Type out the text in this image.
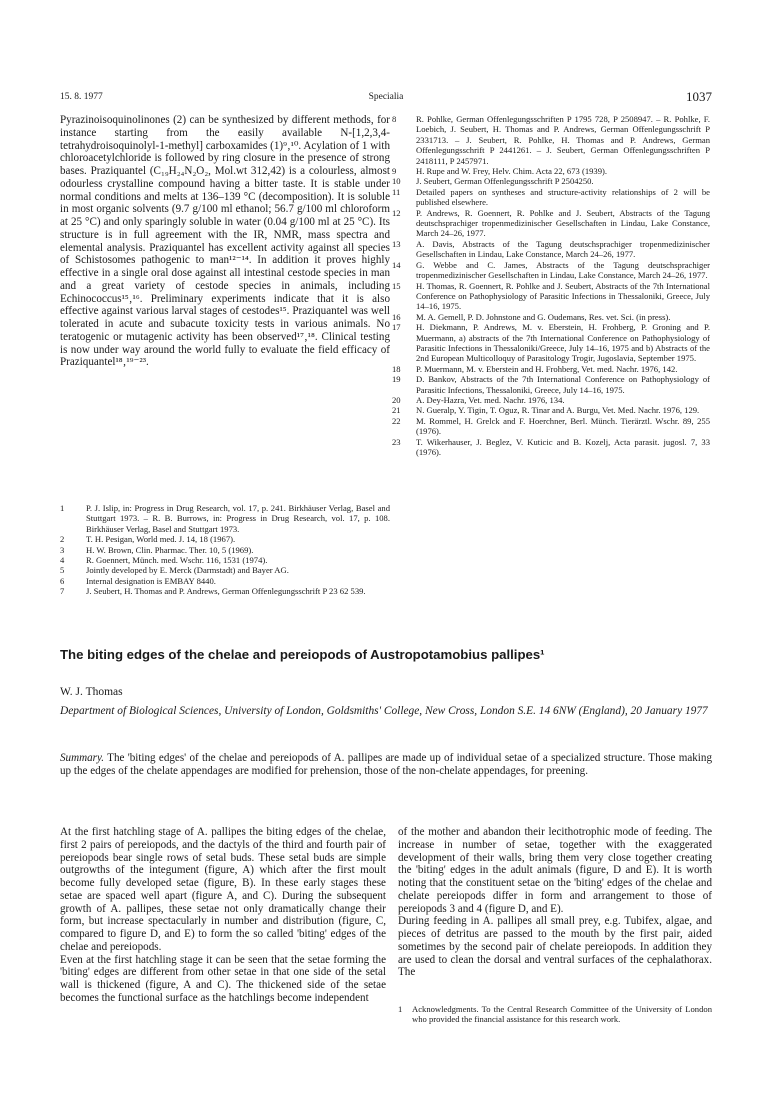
15. 8. 1977	Specialia	1037

Pyrazinoisoquinolinones (2) can be synthesized by different methods, for instance starting from the easily available N-[1,2,3,4-tetrahydroisoquinolyl-1-methyl] carboxamides (1)⁹‚¹⁰. Acylation of 1 with chloroacetylchloride is followed by ring closure in the presence of strong bases. Praziquantel (C₁₉H₂₄N₂O₂, Mol.wt 312,42) is a colourless, almost odourless crystalline compound having a bitter taste. It is stable under normal conditions and melts at 136–139 °C (decomposition). It is soluble in most organic solvents (9.7 g/100 ml ethanol; 56.7 g/100 ml chloroform at 25 °C) and only sparingly soluble in water (0.04 g/100 ml at 25 °C). Its structure is in full agreement with the IR, NMR, mass spectra and elemental analysis. Praziquantel has excellent activity against all species of Schistosomes pathogenic to man¹²⁻¹⁴. In addition it proves highly effective in a single oral dose against all intestinal cestode species in man and a great variety of cestode species in animals, including Echinococcus¹⁵‚¹⁶. Preliminary experiments indicate that it is also effective against various larval stages of cestodes¹⁵. Praziquantel was well tolerated in acute and subacute toxicity tests in various animals. No teratogenic or mutagenic activity has been observed¹⁷‚¹⁸. Clinical testing is now under way around the world fully to evaluate the field efficacy of Praziquantel¹⁸‚¹⁹⁻²³.

1	P. J. Islip, in: Progress in Drug Research, vol. 17, p. 241. Birkhäuser Verlag, Basel and Stuttgart 1973. – R. B. Burrows, in: Progress in Drug Research, vol. 17, p. 108. Birkhäuser Verlag, Basel and Stuttgart 1973.
2	T. H. Pesigan, World med. J. 14, 18 (1967).
3	H. W. Brown, Clin. Pharmac. Ther. 10, 5 (1969).
4	R. Goennert, Münch. med. Wschr. 116, 1531 (1974).
5	Jointly developed by E. Merck (Darmstadt) and Bayer AG.
6	Internal designation is EMBAY 8440.
7	J. Seubert, H. Thomas and P. Andrews, German Offenlegungsschrift P 23 62 539.
8	R. Pohlke, German Offenlegungsschriften P 1795 728, P 2508947. – R. Pohlke, F. Loebich, J. Seubert, H. Thomas and P. Andrews, German Offenlegungsschrift P 2331713. – J. Seubert, R. Pohlke, H. Thomas and P. Andrews, German Offenlegungsschrift P 2441261. – J. Seubert, German Offenlegungsschriften P 2418111, P 2457971.
9	H. Rupe and W. Frey, Helv. Chim. Acta 22, 673 (1939).
10	J. Seubert, German Offenlegungsschrift P 2504250.
11	Detailed papers on syntheses and structure-activity relationships of 2 will be published elsewhere.
12	P. Andrews, R. Goennert, R. Pohlke and J. Seubert, Abstracts of the Tagung deutschsprachiger tropenmedizinischer Gesellschaften in Lindau, Lake Constance, March 24–26, 1977.
13	A. Davis, Abstracts of the Tagung deutschsprachiger tropenmedizinischer Gesellschaften in Lindau, Lake Constance, March 24–26, 1977.
14	G. Webbe and C. James, Abstracts of the Tagung deutschsprachiger tropenmedizinischer Gesellschaften in Lindau, Lake Constance, March 24–26, 1977.
15	H. Thomas, R. Goennert, R. Pohlke and J. Seubert, Abstracts of the 7th International Conference on Pathophysiology of Parasitic Infections in Thessaloniki, Greece, July 14–16, 1975.
16	M. A. Gemell, P. D. Johnstone and G. Oudemans, Res. vet. Sci. (in press).
17	H. Diekmann, P. Andrews, M. v. Eberstein, H. Frohberg, P. Groning and P. Muermann, a) abstracts of the 7th International Conference on Pathophysiology of Parasitic Infections in Thessaloniki/Greece, July 14–16, 1975 and b) Abstracts of the 2nd European Multicolloquy of Parasitology Trogir, Jugoslavia, September 1975.
18	P. Muermann, M. v. Eberstein and H. Frohberg, Vet. med. Nachr. 1976, 142.
19	D. Bankov, Abstracts of the 7th International Conference on Pathophysiology of Parasitic Infections, Thessaloniki, Greece, July 14–16, 1975.
20	A. Dey-Hazra, Vet. med. Nachr. 1976, 134.
21	N. Gueralp, Y. Tigin, T. Oguz, R. Tinar and A. Burgu, Vet. Med. Nachr. 1976, 129.
22	M. Rommel, H. Grelck and F. Hoerchner, Berl. Münch. Tierärztl. Wschr. 89, 255 (1976).
23	T. Wikerhauser, J. Beglez, V. Kuticic and B. Kozelj, Acta parasit. jugosl. 7, 33 (1976).
The biting edges of the chelae and pereiopods of Austropotamobius pallipes¹
W. J. Thomas
Department of Biological Sciences, University of London, Goldsmiths' College, New Cross, London S.E. 14 6NW (England), 20 January 1977
Summary. The 'biting edges' of the chelae and pereiopods of A. pallipes are made up of individual setae of a specialized structure. Those making up the edges of the chelate appendages are modified for prehension, those of the non-chelate appendages, for preening.

At the first hatchling stage of A. pallipes the biting edges of the chelae, first 2 pairs of pereiopods, and the dactyls of the third and fourth pair of pereiopods bear single rows of setal buds. These setal buds are simple outgrowths of the integument (figure, A) which after the first moult become fully developed setae (figure, B). In these early stages these setae are spaced well apart (figure A, and C). During the subsequent growth of A. pallipes, these setae not only dramatically change their form, but increase spectacularly in number and distribution (figure, C, compared to figure D, and E) to form the so called 'biting' edges of the chelae and pereiopods.

Even at the first hatchling stage it can be seen that the setae forming the 'biting' edges are different from other setae in that one side of the setal wall is thickened (figure, A and C). The thickened side of the setae becomes the functional surface as the hatchlings become independent

of the mother and abandon their lecithotrophic mode of feeding. The increase in number of setae, together with the exaggerated development of their walls, bring them very close together creating the 'biting' edges in the adult animals (figure, D and E). It is worth noting that the constituent setae on the 'biting' edges of the chelae and chelate pereiopods differ in form and arrangement to those of pereiopods 3 and 4 (figure D, and E).

During feeding in A. pallipes all small prey, e.g. Tubifex, algae, and pieces of detritus are passed to the mouth by the first pair, aided sometimes by the second pair of chelate pereiopods. In addition they are used to clean the dorsal and ventral surfaces of the cephalathorax. The

1	Acknowledgments. To the Central Research Committee of the University of London who provided the financial assistance for this research work.
